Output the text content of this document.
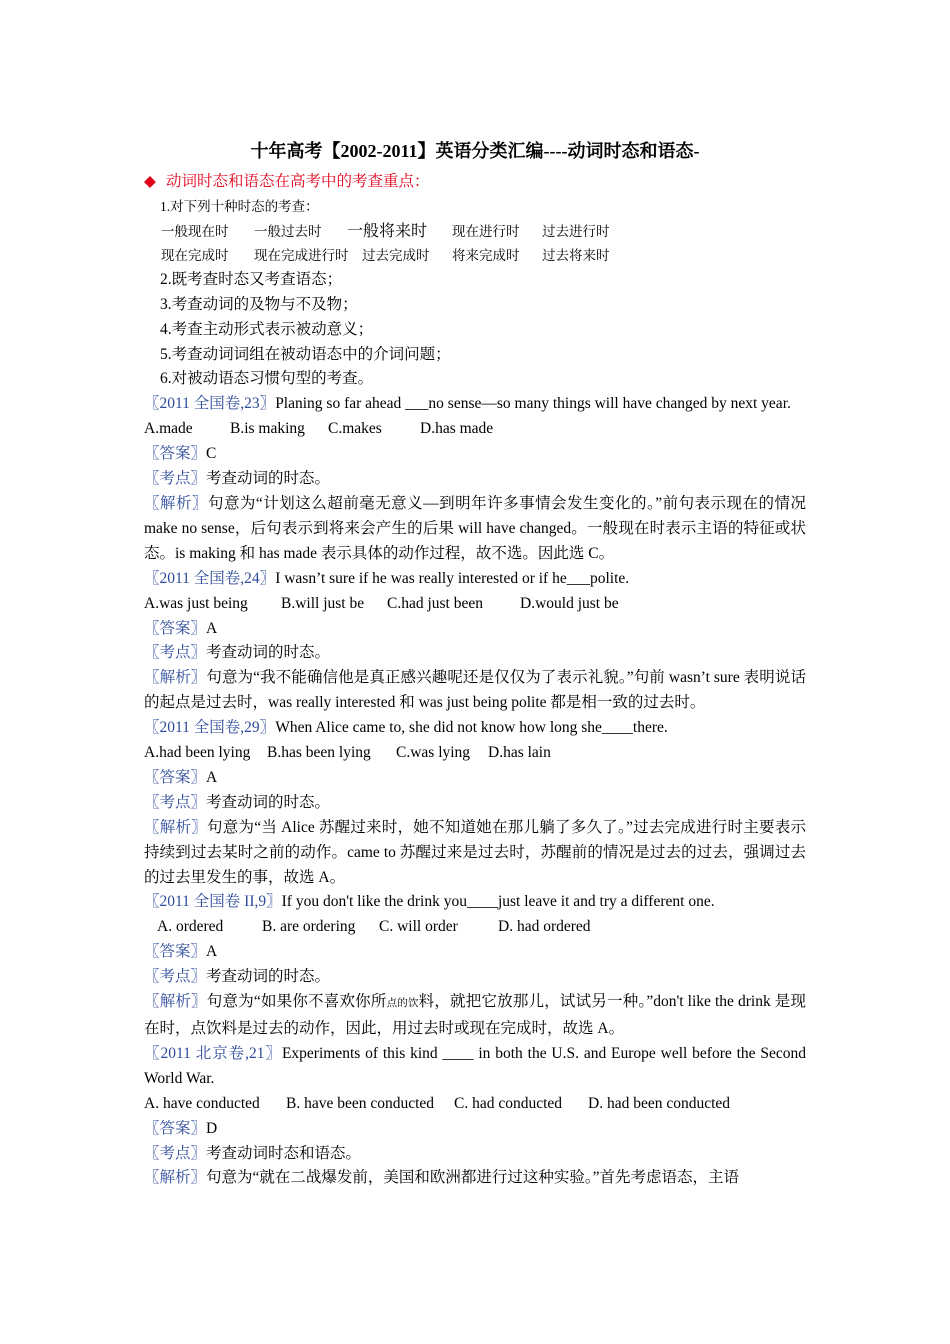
十年高考【2002-2011】英语分类汇编----动词时态和语态-
◆ 动词时态和语态在高考中的考查重点：
1.对下列十种时态的考查：
一般现在时	一般过去时	一般将来时	现在进行时	过去进行时
现在完成时	现在完成进行时	过去完成时	将来完成时	过去将来时
2.既考查时态又考查语态；
3.考查动词的及物与不及物；
4.考查主动形式表示被动意义；
5.考查动词词组在被动语态中的介词问题；
6.对被动语态习惯句型的考查。
〖2011 全国卷,23〗Planing so far ahead ___no sense—so many things will have changed by next year.
A.made B.is making C.makes D.has made
〖答案〗C
〖考点〗考查动词的时态。
〖解析〗句意为“计划这么超前毫无意义—到明年许多事情会发生变化的。”前句表示现在的情况 make no sense，后句表示到将来会产生的后果 will have changed。一般现在时表示主语的特征或状态。is making 和 has made 表示具体的动作过程，故不选。因此选 C。
〖2011 全国卷,24〗I wasn’t sure if he was really interested or if he___polite.
A.was just being B.will just be C.had just been D.would just be
〖答案〗A
〖考点〗考查动词的时态。
〖解析〗句意为“我不能确信他是真正感兴趣呢还是仅仅为了表示礼貌。”句前 wasn’t sure 表明说话的起点是过去时，was really interested 和 was just being polite 都是相一致的过去时。
〖2011 全国卷,29〗When Alice came to, she did not know how long she____there.
A.had been lying B.has been lying C.was lying D.has lain
〖答案〗A
〖考点〗考查动词的时态。
〖解析〗句意为“当 Alice 苏醒过来时，她不知道她在那儿躺了多久了。”过去完成进行时主要表示持续到过去某时之前的动作。came to 苏醒过来是过去时，苏醒前的情况是过去的过去，强调过去的过去里发生的事，故选 A。
〖2011 全国卷 II,9〗If you don't like the drink you____just leave it and try a different one.
A. ordered B. are ordering C. will order	D. had ordered
〖答案〗A
〖考点〗考查动词的时态。
〖解析〗句意为“如果你不喜欢你所点的饮料，就把它放那儿，试试另一种。”don't like the drink 是现在时，点饮料是过去的动作，因此，用过去时或现在完成时，故选 A。
〖2011 北京卷,21〗Experiments of this kind ____ in both the U.S. and Europe well before the Second World War.
A. have conducted B. have been conducted C. had conducted D. had been conducted
〖答案〗D
〖考点〗考查动词时态和语态。
〖解析〗句意为“就在二战爆发前，美国和欧洲都进行过这种实验。”首先考虑语态，主语
